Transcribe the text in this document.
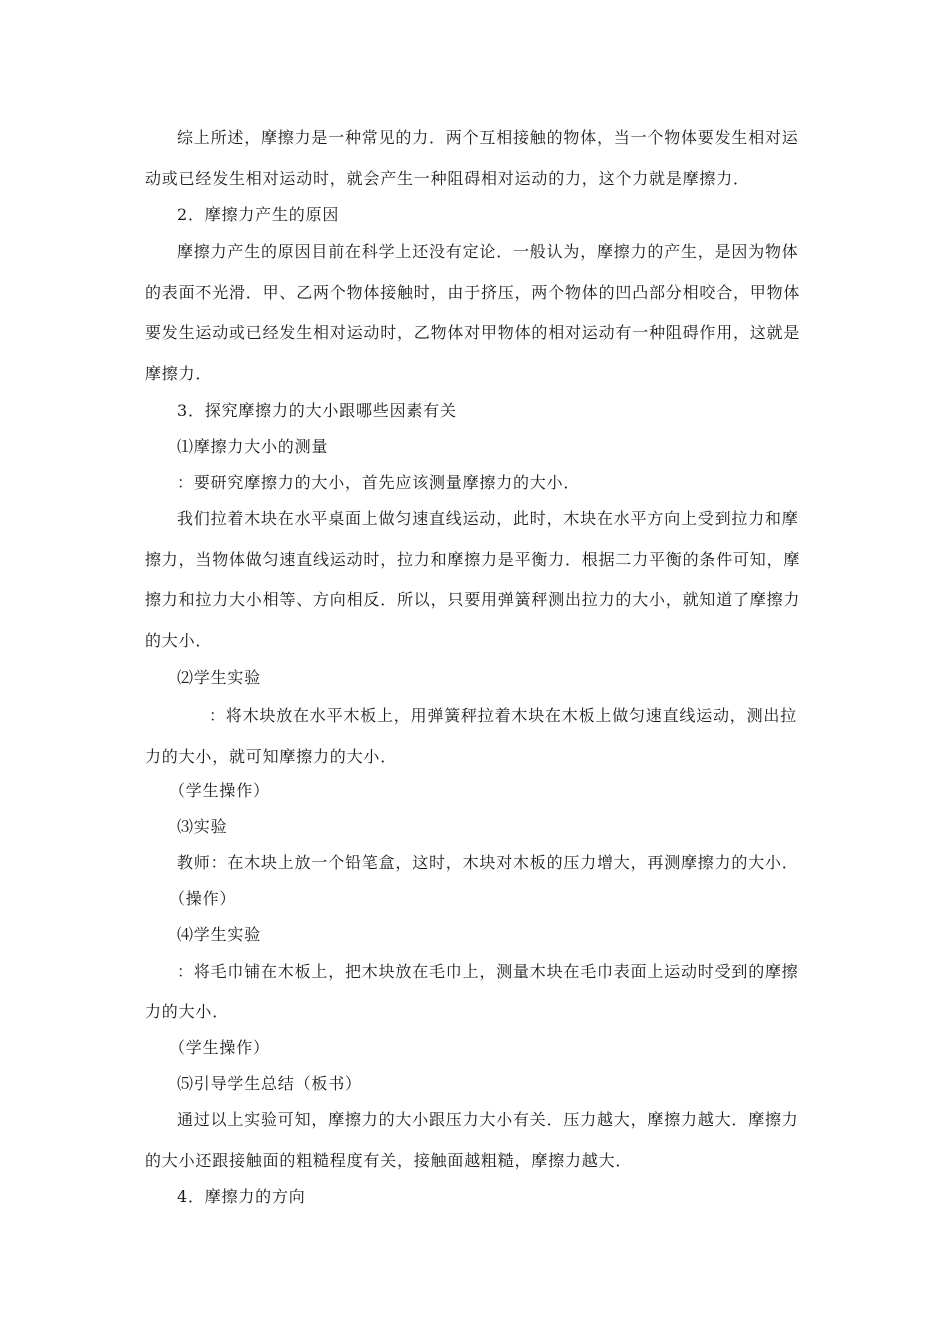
综上所述，摩擦力是一种常见的力．两个互相接触的物体，当一个物体要发生相对运

动或已经发生相对运动时，就会产生一种阻碍相对运动的力，这个力就是摩擦力．

2．摩擦力产生的原因

摩擦力产生的原因目前在科学上还没有定论．一般认为，摩擦力的产生，是因为物体

的表面不光滑．甲、乙两个物体接触时，由于挤压，两个物体的凹凸部分相咬合，甲物体

要发生运动或已经发生相对运动时，乙物体对甲物体的相对运动有一种阻碍作用，这就是

摩擦力．

3．探究摩擦力的大小跟哪些因素有关

⑴摩擦力大小的测量

：要研究摩擦力的大小，首先应该测量摩擦力的大小．

我们拉着木块在水平桌面上做匀速直线运动，此时，木块在水平方向上受到拉力和摩

擦力，当物体做匀速直线运动时，拉力和摩擦力是平衡力．根据二力平衡的条件可知，摩

擦力和拉力大小相等、方向相反．所以，只要用弹簧秤测出拉力的大小，就知道了摩擦力

的大小．

⑵学生实验

：将木块放在水平木板上，用弹簧秤拉着木块在木板上做匀速直线运动，测出拉

力的大小，就可知摩擦力的大小．

（学生操作）

⑶实验

教师：在木块上放一个铅笔盒，这时，木块对木板的压力增大，再测摩擦力的大小．

（操作）

⑷学生实验

：将毛巾铺在木板上，把木块放在毛巾上，测量木块在毛巾表面上运动时受到的摩擦

力的大小．

（学生操作）

⑸引导学生总结（板书）

通过以上实验可知，摩擦力的大小跟压力大小有关．压力越大，摩擦力越大．摩擦力

的大小还跟接触面的粗糙程度有关，接触面越粗糙，摩擦力越大．

4．摩擦力的方向
